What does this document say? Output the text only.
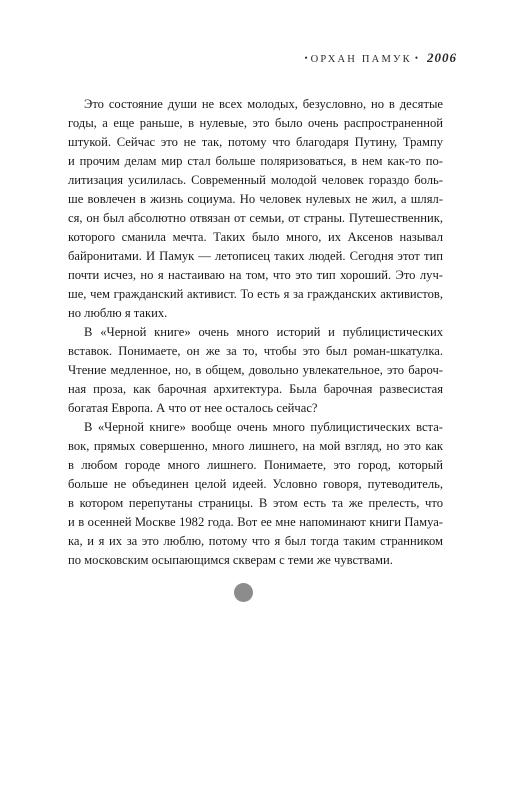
• ОРХАН ПАМУК • 2006

Это состояние души не всех молодых, безусловно, но в десятые
годы, а еще раньше, в нулевые, это было очень распространенной
штукой. Сейчас это не так, потому что благодаря Путину, Трампу
и прочим делам мир стал больше поляризоваться, в нем как-то по-
литизация усилилась. Современный молодой человек гораздо боль-
ше вовлечен в жизнь социума. Но человек нулевых не жил, а шлял-
ся, он был абсолютно отвязан от семьи, от страны. Путешественник,
которого сманила мечта. Таких было много, их Аксенов называл
байронитами. И Памук — летописец таких людей. Сегодня этот тип
почти исчез, но я настаиваю на том, что это тип хороший. Это луч-
ше, чем гражданский активист. То есть я за гражданских активистов,
но люблю я таких.

В «Черной книге» очень много историй и публицистических
вставок. Понимаете, он же за то, чтобы это был роман-шкатулка.
Чтение медленное, но, в общем, довольно увлекательное, это бароч-
ная проза, как барочная архитектура. Была барочная развесистая
богатая Европа. А что от нее осталось сейчас?

В «Черной книге» вообще очень много публицистических вста-
вок, прямых совершенно, много лишнего, на мой взгляд, но это как
в любом городе много лишнего. Понимаете, это город, который
больше не объединен целой идеей. Условно говоря, путеводитель,
в котором перепутаны страницы. В этом есть та же прелесть, что
и в осенней Москве 1982 года. Вот ее мне напоминают книги Памуа-
ка, и я их за это люблю, потому что я был тогда таким странником
по московским осыпающимся скверам с теми же чувствами.
